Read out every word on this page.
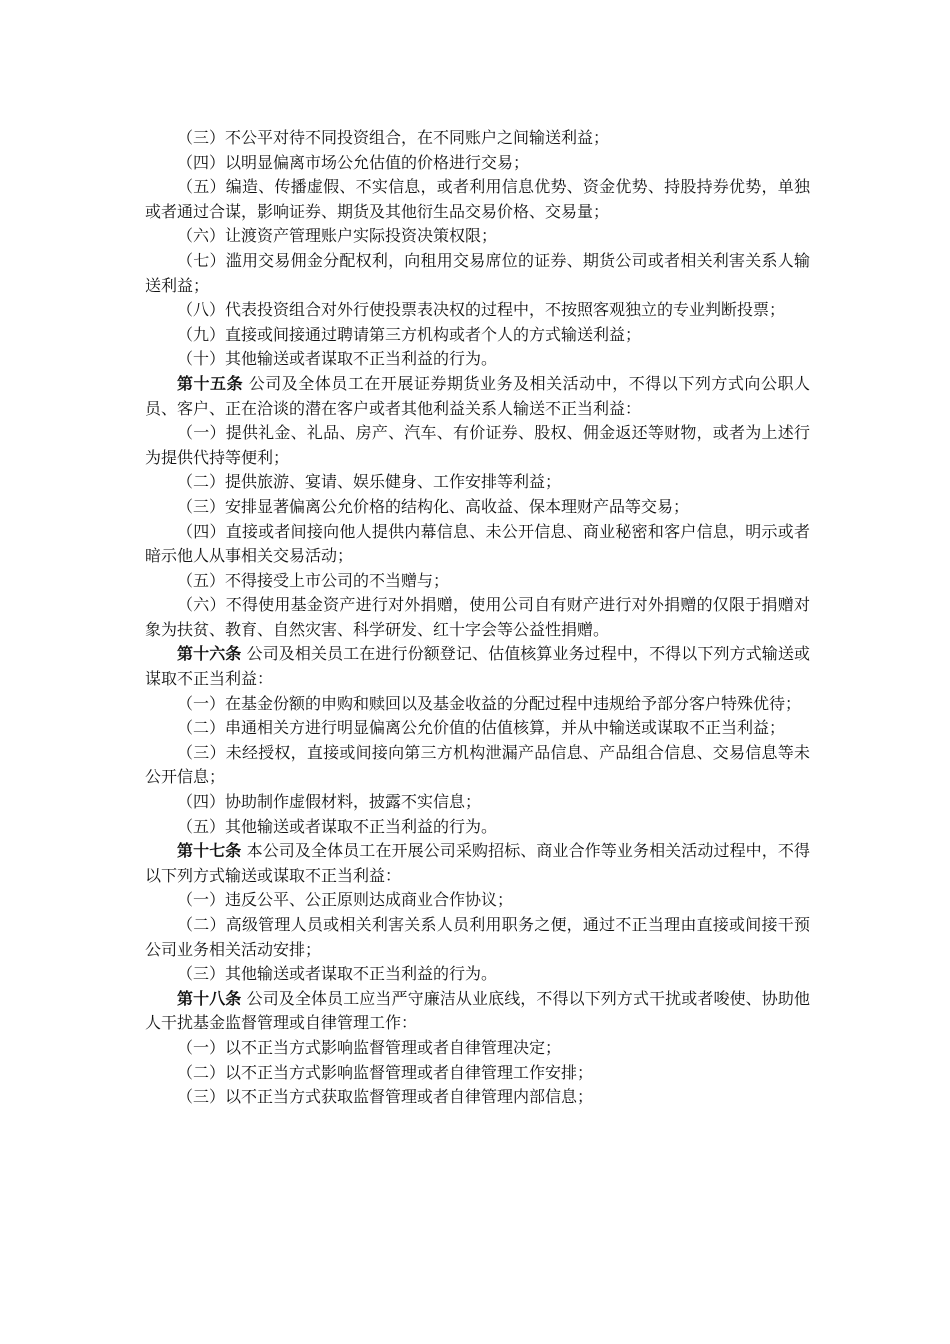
（三）不公平对待不同投资组合，在不同账户之间输送利益；

（四）以明显偏离市场公允估值的价格进行交易；

（五）编造、传播虚假、不实信息，或者利用信息优势、资金优势、持股持券优势，单独或者通过合谋，影响证券、期货及其他衍生品交易价格、交易量；

（六）让渡资产管理账户实际投资决策权限；

（七）滥用交易佣金分配权利，向租用交易席位的证券、期货公司或者相关利害关系人输送利益；

（八）代表投资组合对外行使投票表决权的过程中，不按照客观独立的专业判断投票；

（九）直接或间接通过聘请第三方机构或者个人的方式输送利益；

（十）其他输送或者谋取不正当利益的行为。

第十五条 公司及全体员工在开展证券期货业务及相关活动中，不得以下列方式向公职人员、客户、正在洽谈的潜在客户或者其他利益关系人输送不正当利益：

（一）提供礼金、礼品、房产、汽车、有价证券、股权、佣金返还等财物，或者为上述行为提供代持等便利；

（二）提供旅游、宴请、娱乐健身、工作安排等利益；

（三）安排显著偏离公允价格的结构化、高收益、保本理财产品等交易；

（四）直接或者间接向他人提供内幕信息、未公开信息、商业秘密和客户信息，明示或者暗示他人从事相关交易活动；

（五）不得接受上市公司的不当赠与；

（六）不得使用基金资产进行对外捐赠，使用公司自有财产进行对外捐赠的仅限于捐赠对象为扶贫、教育、自然灾害、科学研发、红十字会等公益性捐赠。

第十六条 公司及相关员工在进行份额登记、估值核算业务过程中，不得以下列方式输送或谋取不正当利益：

（一）在基金份额的申购和赎回以及基金收益的分配过程中违规给予部分客户特殊优待；

（二）串通相关方进行明显偏离公允价值的估值核算，并从中输送或谋取不正当利益；

（三）未经授权，直接或间接向第三方机构泄漏产品信息、产品组合信息、交易信息等未公开信息；

（四）协助制作虚假材料，披露不实信息；

（五）其他输送或者谋取不正当利益的行为。

第十七条 本公司及全体员工在开展公司采购招标、商业合作等业务相关活动过程中，不得以下列方式输送或谋取不正当利益：

（一）违反公平、公正原则达成商业合作协议；

（二）高级管理人员或相关利害关系人员利用职务之便，通过不正当理由直接或间接干预公司业务相关活动安排；

（三）其他输送或者谋取不正当利益的行为。

第十八条 公司及全体员工应当严守廉洁从业底线，不得以下列方式干扰或者唆使、协助他人干扰基金监督管理或自律管理工作：

（一）以不正当方式影响监督管理或者自律管理决定；

（二）以不正当方式影响监督管理或者自律管理工作安排；

（三）以不正当方式获取监督管理或者自律管理内部信息；
